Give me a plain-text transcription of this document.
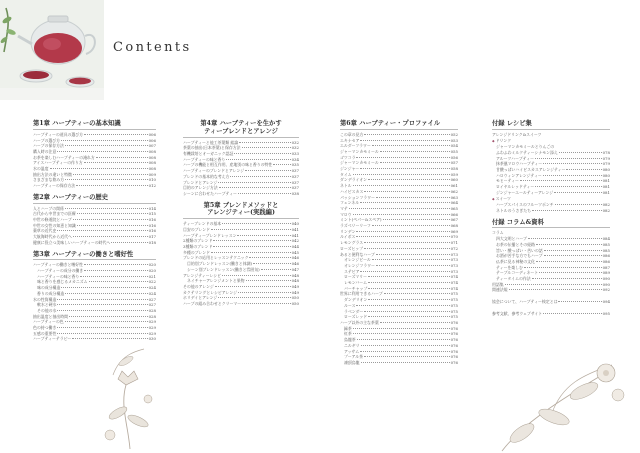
Contents
第1章 ハーブティーの基本知識
ハーブティーの道具の選び方	006
ハーブの選び方	006
ハーブの保存方法	007
購入時の注意	008
お茶を楽しむハーブティーの淹れ方	008
アイスハーブティーの作り方	008
水の温度	008
抽出方法の違いと特徴	009
さまざまな飲み方	010
ハーブティーの保存方法	012
第2章 ハーブティーの歴史
人とハーブの関係	014
古代から中世までの医療	015
中世の修道院とハーブ	016
中世の女性の知恵と知識	016
薬草の近代史	016
大航海時代から近代へ	017
健康に役立つ美味しいハーブティーの時代へ	018
第3章 ハーブティーの働きと嗜好性
ハーブティーの働きと嗜好性	020
ハーブティーの成分の働き	020
ハーブティーの味と香り	021
味と香りを感じるメカニズム	022
味の成分構造	024
香りの成分構造	024
水の性質構造	027
軟水と硬水	027
その他の水	028
抽出温度と抽出時間	028
ハーブティーの色	029
色の持つ働き	029
五感の重要性	029
ハーブティーテラピー	030
第4章 ハーブティーを生かす
ティーブレンドとアレンジ
ハーブティーと他工茶葉類 総論	032
茶葉の抽出(日本茶葉)と保存方法	032
有機栽培とオーガニック認証	033
ハーブティーの味と香り	034
ハーブの機能と相互作用、産地別の味と香りの特性	035
ハーブティーのブレンドとアレンジ	037
ブレンドの基本的な考え方	037
ブレンドとアレンジ	037
目的のアレンジ方法	037
シーンに合わせたハーブティー	038
第5章 ブレンドメソッドと
アレンジティー(実践編)
ティーブレンドの基本	040
目安のブレンド	041
ハーブティーブレンドレッスン	041
2種類のブレンド	042
3種類のブレンド	044
多種のブレンド	045
ブレンドの応用とレッスンテクニック	046
目的別ブレンドレッスン(働きと体調)	046
シーン別ブレンドレッスン(働きと雰囲気)	047
アレンジティーレシピ	048
ネイチャーアレンジメントと果物	048
その他のアレンジ	049
カクテリングとレシピアレンジ	049
ホリデイとアレンジ	050
ハーブの組み合わせとクリーマー	050
第6章 ハーブティー・プロファイル
この章の見方	052
エキナセア	053
エルダーフラワー	054
ジャーマンカモミール	055
ゴツコラ	056
ジャーマンカモミール	057
ジンジャー	058
タイム	059
ダンデライオン	060
ネトル	061
ハイビスカス	062
パッションフラワー	063
フェンネル	064
マテ	065
マロウ	066
ミント(ペパー&スペア)	067
ラズベリーリーフ	068
リンデン	069
ルイボス	070
レモングラス	071
ローズヒップ	072
あると便利なハーブ	073
オレンジピール	073
オレンジフラワー	073
ステビア	073
ローズマリー	074
レモンバーム	074
バーチャップ	074
世界に利用できるハーブ	075
ダンデリオン	075
ルース	075
ラベンダー	075
ローズレッド	075
ハーブ以外の主な茶葉	076
緑茶	076
紅茶	076
烏龍茶	076
ニルギリ	076
アッサム	076
プーアル茶	076
凍頂烏龍	076
付録 レシピ集
アレンジドリンク&スイーツ
◆ ドリンク
ジャーマンカモミールとりんごの
ふわふわミルクティーシナモン添え	078
アルーツハーブティー	079
抹茶風マロウハーブティー	079
甘酸っぱいハイビスカスアレンジティー	080
ハロウィンアレンジティー	080
モヒーティー	081
ロイヤルレッドティー	081
ジンジャーエールティーアレンジ	081
◆ スイーツ
ハーブスパイスのフルーツポンチ	082
ネトルのうさぎたち	082
付録 コラム&資料
コラム
四大文明とハーブ	084
お茶の伝播とその経路	085
旨い・酸っぱい・苦いの話	085
お酒が苦手な方でもハーブ	086
仏茶に見る神秘の文化	086
ティーを楽しむ	087
テーブルコーディネート	089
ティータイムの作法	090
用語集	090
関連法規	092
協会について、ハーブティー検定とは	094
参考文献、参考ウェブサイト	095
